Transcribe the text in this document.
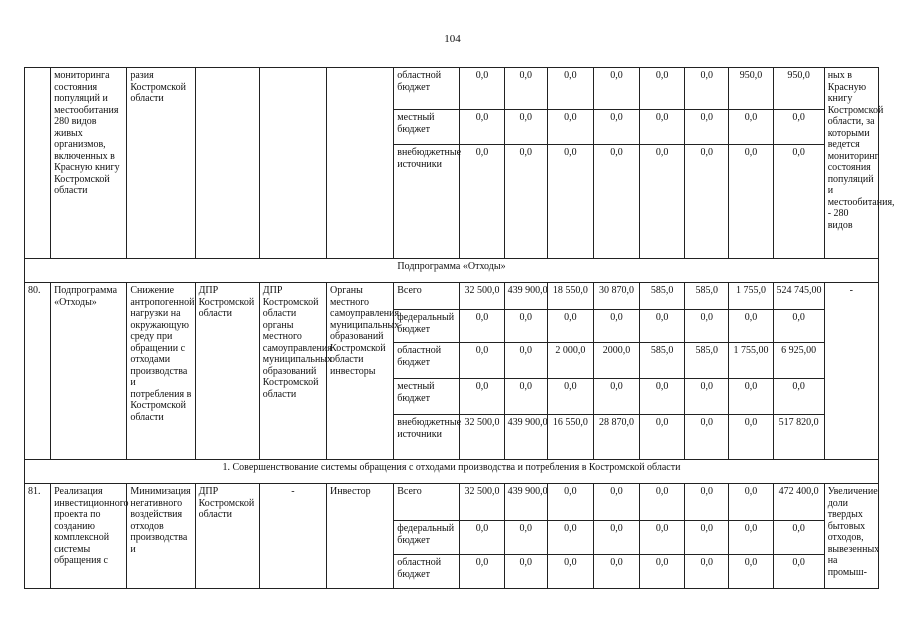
104
	мониторинга состояния популяций и местообитания 280 видов живых организмов, включенных в Красную книгу Костромской области	разия Костромской области				областной бюджет	0,0	0,0	0,0	0,0	0,0	0,0	950,0	950,0	ных в Красную книгу Костромской области, за которыми ведется мониторинг состояния популяций и местообитания, - 280 видов
						местный бюджет	0,0	0,0	0,0	0,0	0,0	0,0	0,0	0,0	
						внебюджетные источники	0,0	0,0	0,0	0,0	0,0	0,0	0,0	0,0	
Подпрограмма «Отходы»															
80.	Подпрограмма «Отходы»	Снижение антропогенной нагрузки на окружающую среду при обращении с отходами производства и потребления в Костромской области	ДПР Костромской области	ДПР Костромской области органы местного самоуправления муниципальных образований Костромской области	Органы местного самоуправления муниципальных образований Костромской области инвесторы	Всего	32 500,0	439 900,0	18 550,0	30 870,0	585,0	585,0	1 755,0	524 745,00	-
						федеральный бюджет	0,0	0,0	0,0	0,0	0,0	0,0	0,0	0,0	
						областной бюджет	0,0	0,0	2 000,0	2000,0	585,0	585,0	1 755,00	6 925,00	
						местный бюджет	0,0	0,0	0,0	0,0	0,0	0,0	0,0	0,0	
						внебюджетные источники	32 500,0	439 900,0	16 550,0	28 870,0	0,0	0,0	0,0	517 820,0	
1. Совершенствование системы обращения с отходами производства и потребления в Костромской области															
81.	Реализация инвестиционного проекта по созданию комплексной системы обращения с	Минимизация негативного воздействия отходов производства и	ДПР Костромской области	-	Инвестор	Всего	32 500,0	439 900,0	0,0	0,0	0,0	0,0	0,0	472 400,0	Увеличение доли твердых бытовых отходов, вывезенных на промыш-
						федеральный бюджет	0,0	0,0	0,0	0,0	0,0	0,0	0,0	0,0	
						областной бюджет	0,0	0,0	0,0	0,0	0,0	0,0	0,0	0,0	
